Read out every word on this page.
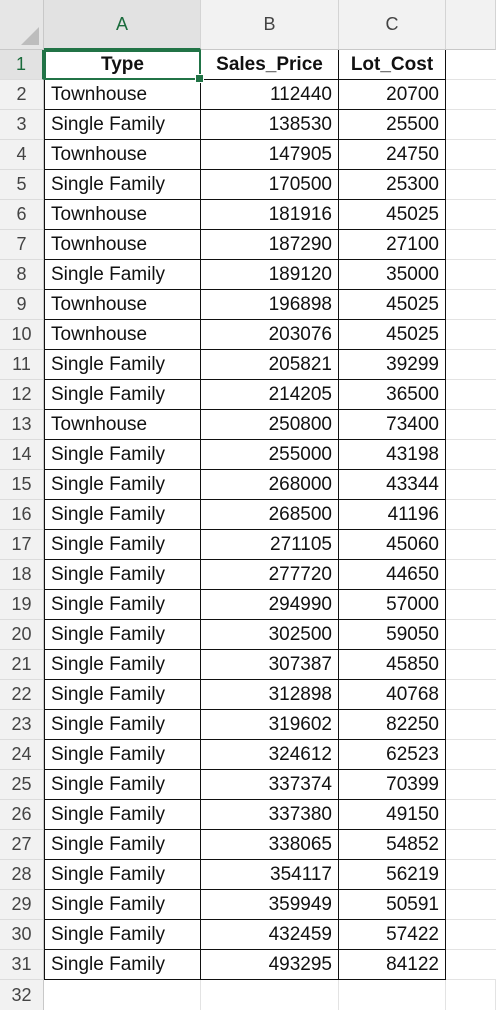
A	B	C
1	Type	Sales_Price	Lot_Cost
2	Townhouse	112440	20700
3	Single Family	138530	25500
4	Townhouse	147905	24750
5	Single Family	170500	25300
6	Townhouse	181916	45025
7	Townhouse	187290	27100
8	Single Family	189120	35000
9	Townhouse	196898	45025
10	Townhouse	203076	45025
11	Single Family	205821	39299
12	Single Family	214205	36500
13	Townhouse	250800	73400
14	Single Family	255000	43198
15	Single Family	268000	43344
16	Single Family	268500	41196
17	Single Family	271105	45060
18	Single Family	277720	44650
19	Single Family	294990	57000
20	Single Family	302500	59050
21	Single Family	307387	45850
22	Single Family	312898	40768
23	Single Family	319602	82250
24	Single Family	324612	62523
25	Single Family	337374	70399
26	Single Family	337380	49150
27	Single Family	338065	54852
28	Single Family	354117	56219
29	Single Family	359949	50591
30	Single Family	432459	57422
31	Single Family	493295	84122
32
